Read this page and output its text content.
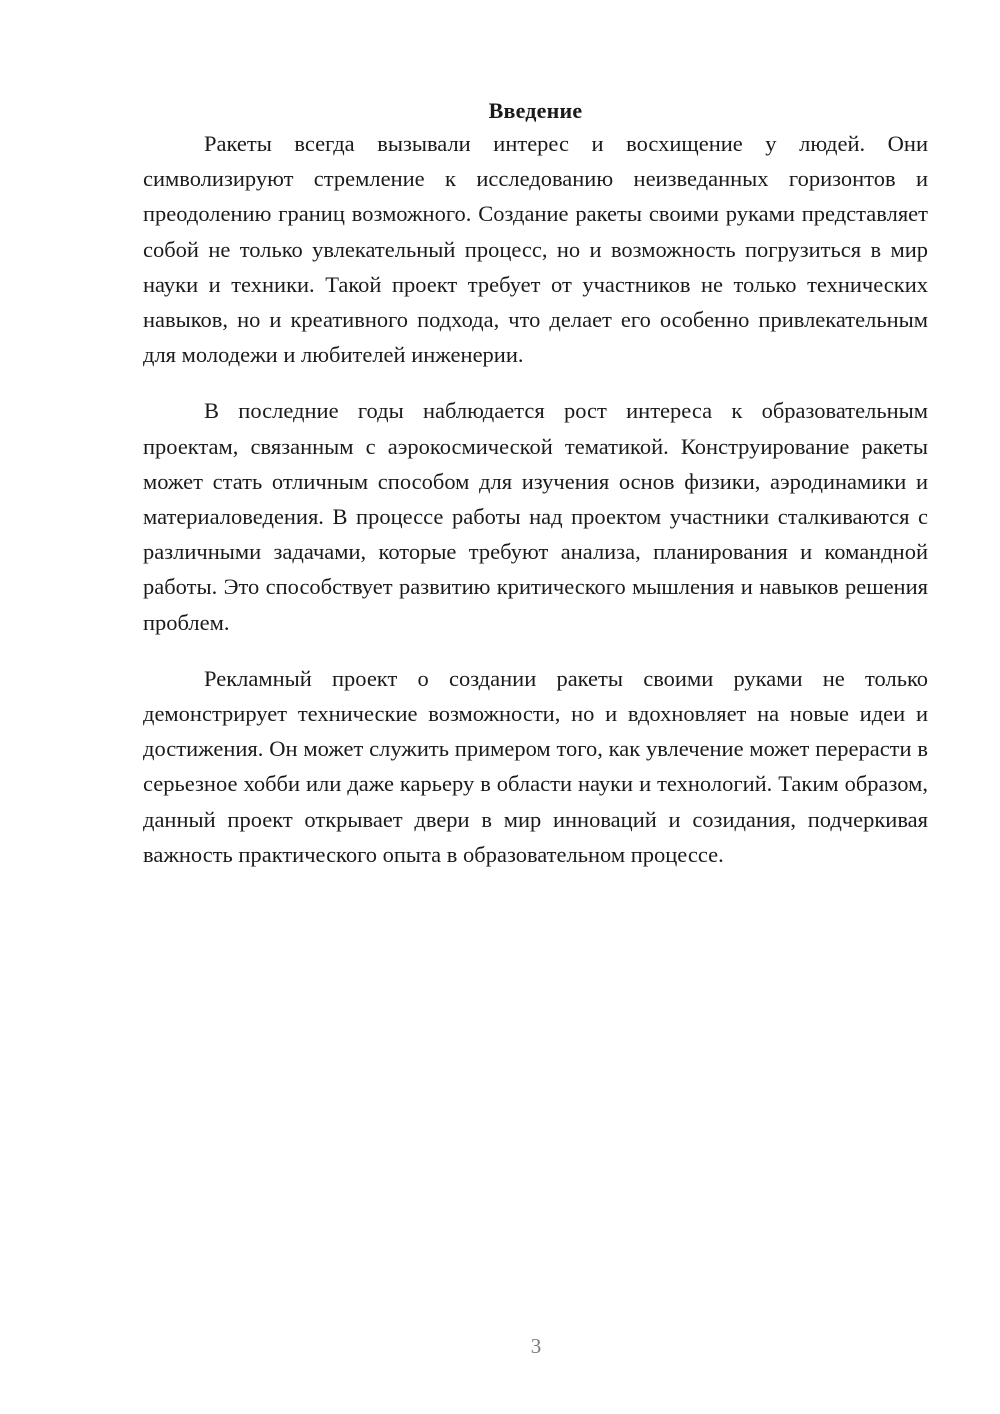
Введение

Ракеты всегда вызывали интерес и восхищение у людей. Они символизируют стремление к исследованию неизведанных горизонтов и преодолению границ возможного. Создание ракеты своими руками представляет собой не только увлекательный процесс, но и возможность погрузиться в мир науки и техники. Такой проект требует от участников не только технических навыков, но и креативного подхода, что делает его особенно привлекательным для молодежи и любителей инженерии.

В последние годы наблюдается рост интереса к образовательным проектам, связанным с аэрокосмической тематикой. Конструирование ракеты может стать отличным способом для изучения основ физики, аэродинамики и материаловедения. В процессе работы над проектом участники сталкиваются с различными задачами, которые требуют анализа, планирования и командной работы. Это способствует развитию критического мышления и навыков решения проблем.

Рекламный проект о создании ракеты своими руками не только демонстрирует технические возможности, но и вдохновляет на новые идеи и достижения. Он может служить примером того, как увлечение может перерасти в серьезное хобби или даже карьеру в области науки и технологий. Таким образом, данный проект открывает двери в мир инноваций и созидания, подчеркивая важность практического опыта в образовательном процессе.

3
